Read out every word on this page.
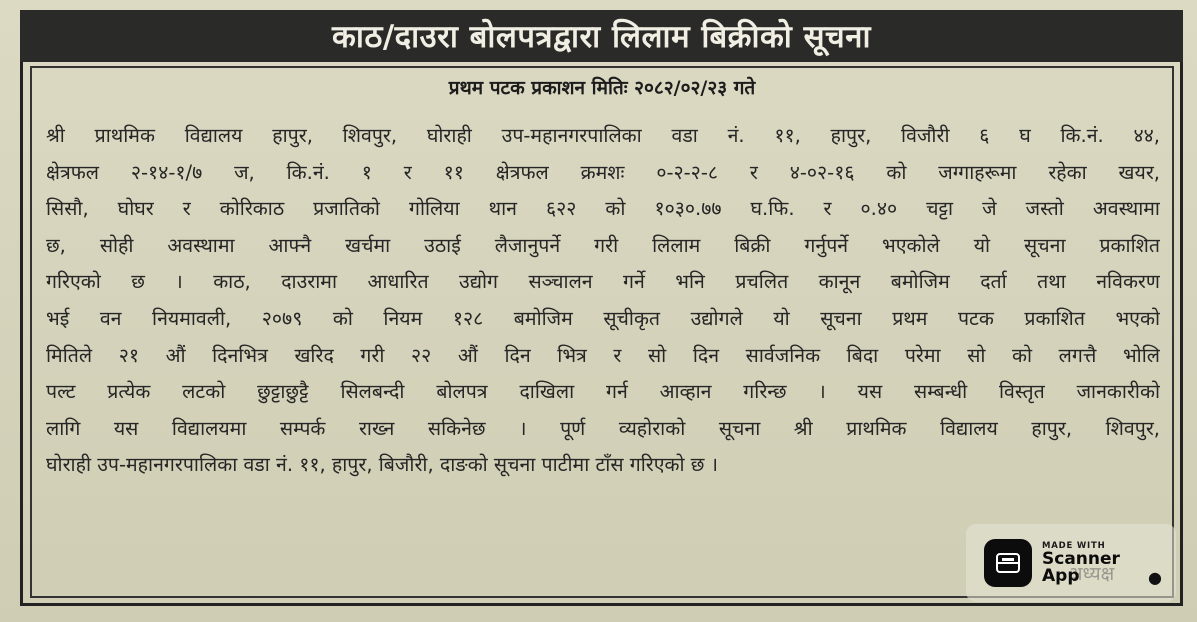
काठ/दाउरा बोलपत्रद्वारा लिलाम बिक्रीको सूचना
प्रथम पटक प्रकाशन मितिः २०८२/०२/२३ गते
श्री प्राथमिक विद्यालय हापुर, शिवपुर, घोराही उप-महानगरपालिका वडा नं. ११, हापुर, विजौरी ६ घ कि.नं. ४४,
क्षेत्रफल २-१४-१/७ ज, कि.नं. १ र ११ क्षेत्रफल क्रमशः ०-२-२-८ र ४-०२-१६ को जग्गाहरूमा रहेका खयर,
सिसौ, घोघर र कोरिकाठ प्रजातिको गोलिया थान ६२२ को १०३०.७७ घ.फि. र ०.४० चट्टा जे जस्तो अवस्थामा
छ, सोही अवस्थामा आफ्नै खर्चमा उठाई लैजानुपर्ने गरी लिलाम बिक्री गर्नुपर्ने भएकोले यो सूचना प्रकाशित
गरिएको छ । काठ, दाउरामा आधारित उद्योग सञ्चालन गर्ने भनि प्रचलित कानून बमोजिम दर्ता तथा नविकरण
भई वन नियमावली, २०७९ को नियम १२८ बमोजिम सूचीकृत उद्योगले यो सूचना प्रथम पटक प्रकाशित भएको
मितिले २१ औं दिनभित्र खरिद गरी २२ औं दिन भित्र र सो दिन सार्वजनिक बिदा परेमा सो को लगत्तै भोलि
पल्ट प्रत्येक लटको छुट्टाछुट्टै सिलबन्दी बोलपत्र दाखिला गर्न आव्हान गरिन्छ । यस सम्बन्धी विस्तृत जानकारीको
लागि यस विद्यालयमा सम्पर्क राख्न सकिनेछ । पूर्ण व्यहोराको सूचना श्री प्राथमिक विद्यालय हापुर, शिवपुर,
घोराही उप-महानगरपालिका वडा नं. ११, हापुर, बिजौरी, दाङको सूचना पाटीमा टाँस गरिएको छ ।
MADE WITH
Scanner
App	●
